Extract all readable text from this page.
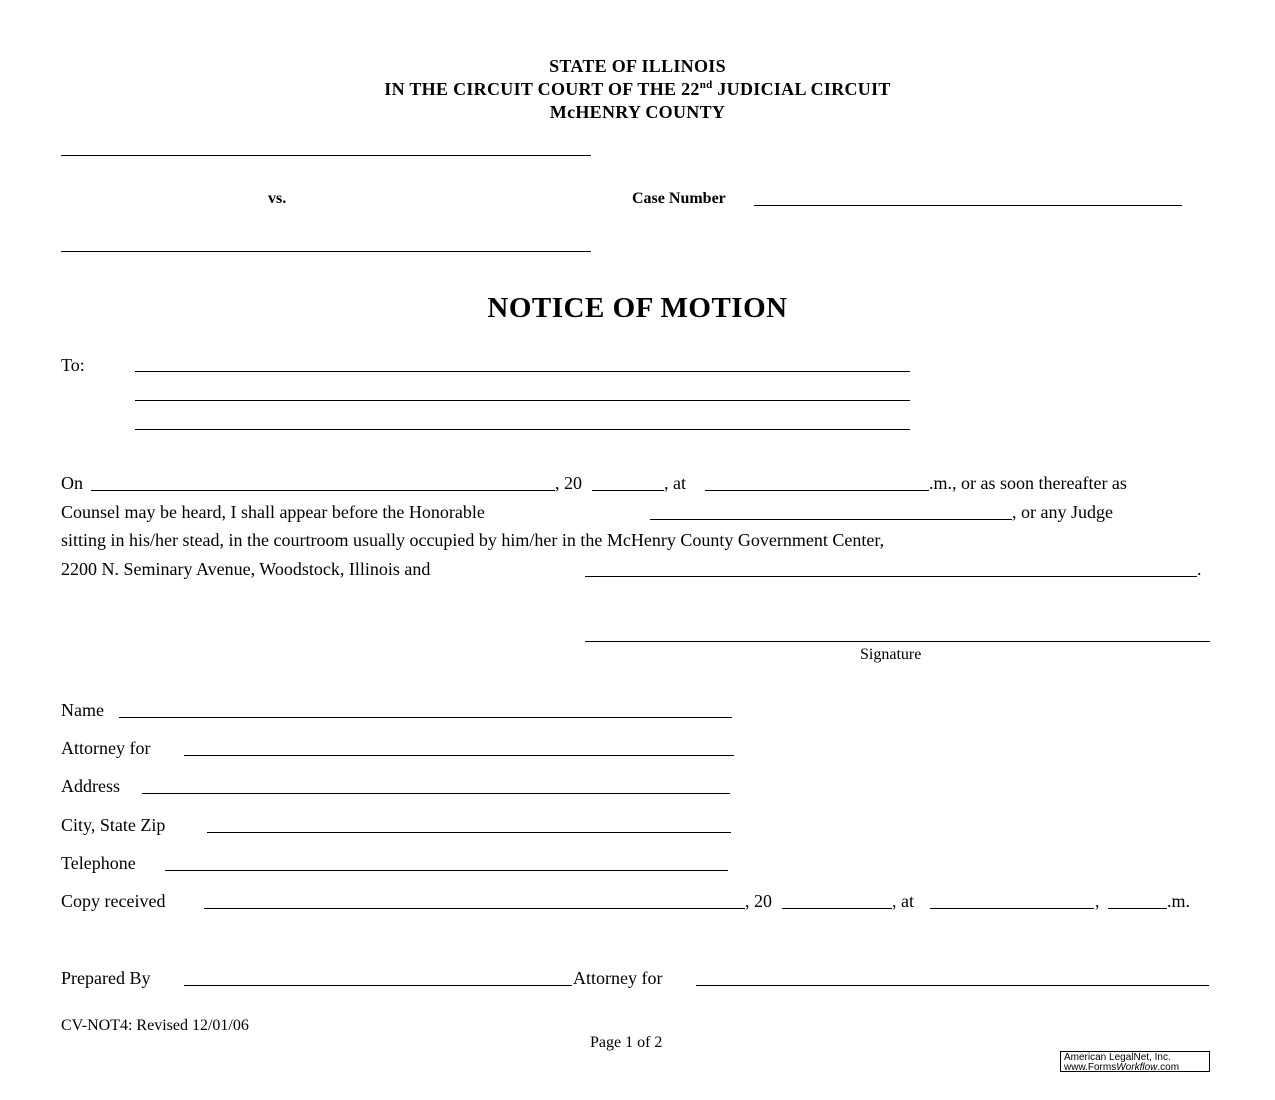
STATE OF ILLINOIS
IN THE CIRCUIT COURT OF THE 22nd JUDICIAL CIRCUIT
McHENRY COUNTY
vs.	Case Number
NOTICE OF MOTION
To:
On	, 20	, at	.m., or as soon thereafter as
Counsel may be heard, I shall appear before the Honorable	, or any Judge
sitting in his/her stead, in the courtroom usually occupied by him/her in the McHenry County Government Center,
2200 N. Seminary Avenue, Woodstock, Illinois and	.
Signature
Name
Attorney for
Address
City, State Zip
Telephone
Copy received	, 20	, at	,	.m.
Prepared By	Attorney for
CV-NOT4: Revised 12/01/06
Page 1 of 2
American LegalNet, Inc.
www.FormsWorkflow.com
